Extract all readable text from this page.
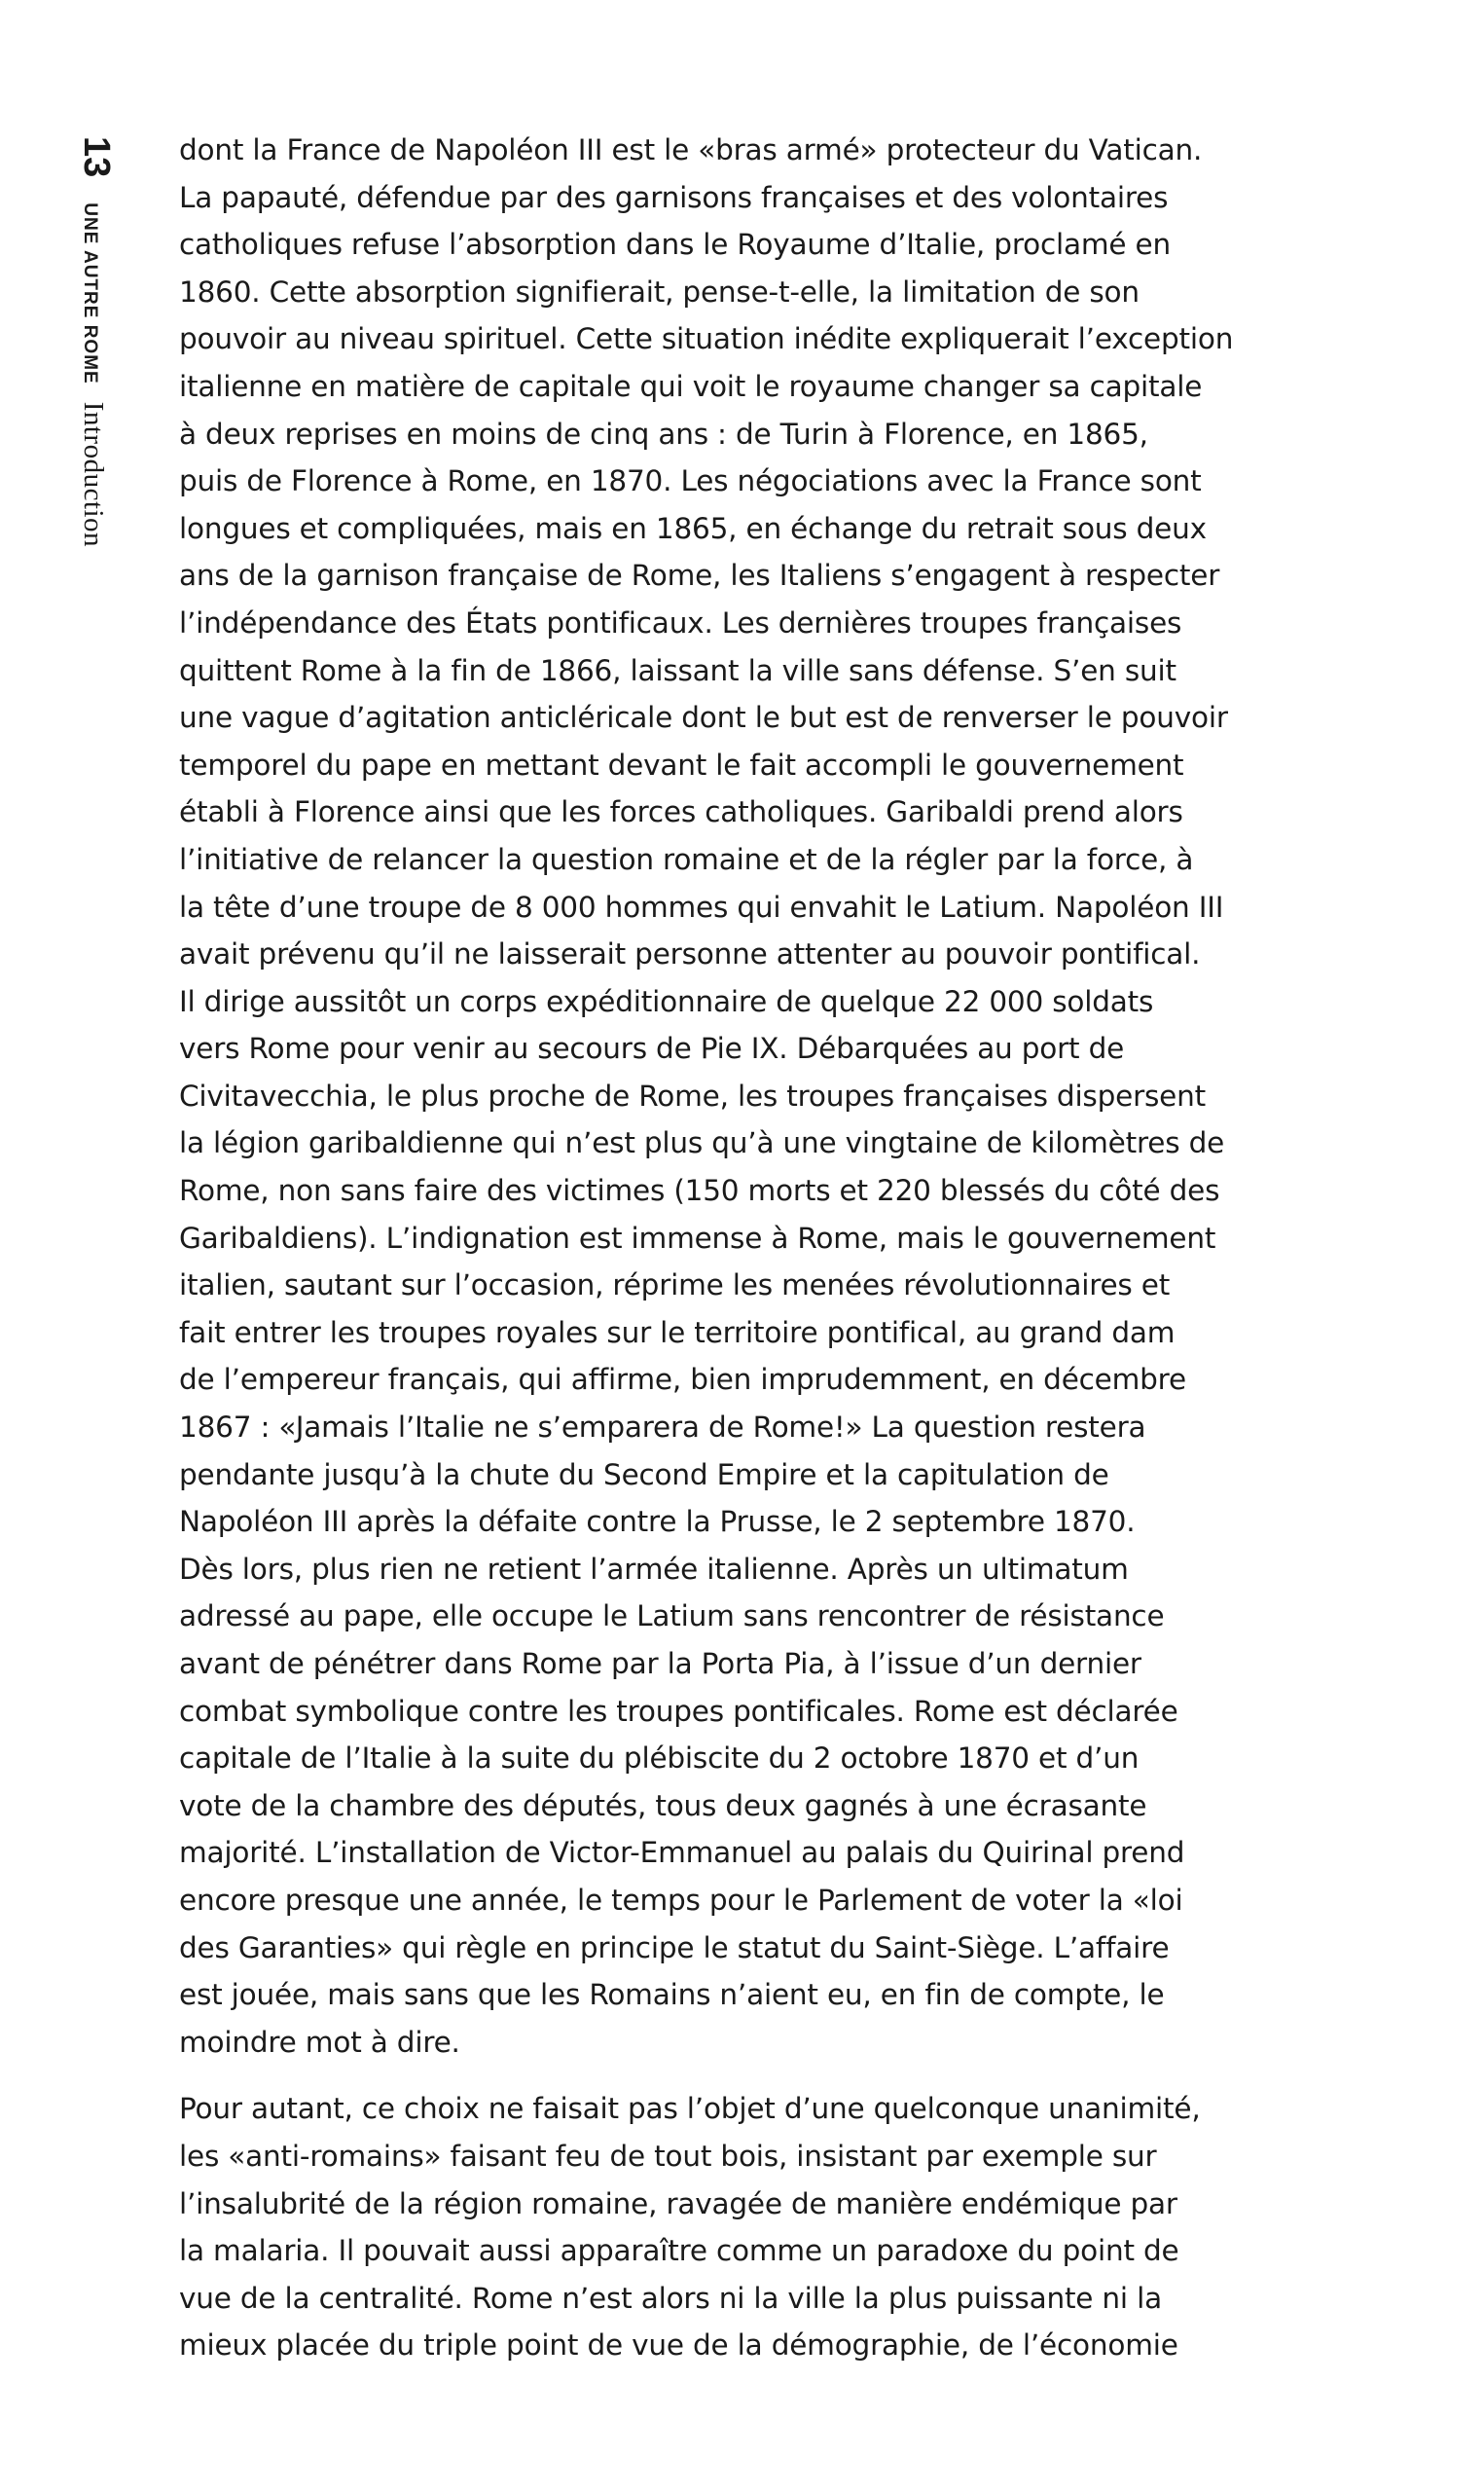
13
UNE AUTRE ROME
Introduction

dont la France de Napoléon III est le «bras armé» protecteur du Vatican.
La papauté, défendue par des garnisons françaises et des volontaires
catholiques refuse l’absorption dans le Royaume d’Italie, proclamé en
1860. Cette absorption signifierait, pense-t-elle, la limitation de son
pouvoir au niveau spirituel. Cette situation inédite expliquerait l’exception
italienne en matière de capitale qui voit le royaume changer sa capitale
à deux reprises en moins de cinq ans : de Turin à Florence, en 1865,
puis de Florence à Rome, en 1870. Les négociations avec la France sont
longues et compliquées, mais en 1865, en échange du retrait sous deux
ans de la garnison française de Rome, les Italiens s’engagent à respecter
l’indépendance des États pontificaux. Les dernières troupes françaises
quittent Rome à la fin de 1866, laissant la ville sans défense. S’en suit
une vague d’agitation anticléricale dont le but est de renverser le pouvoir
temporel du pape en mettant devant le fait accompli le gouvernement
établi à Florence ainsi que les forces catholiques. Garibaldi prend alors
l’initiative de relancer la question romaine et de la régler par la force, à
la tête d’une troupe de 8 000 hommes qui envahit le Latium. Napoléon III
avait prévenu qu’il ne laisserait personne attenter au pouvoir pontifical.
Il dirige aussitôt un corps expéditionnaire de quelque 22 000 soldats
vers Rome pour venir au secours de Pie IX. Débarquées au port de
Civitavecchia, le plus proche de Rome, les troupes françaises dispersent
la légion garibaldienne qui n’est plus qu’à une vingtaine de kilomètres de
Rome, non sans faire des victimes (150 morts et 220 blessés du côté des
Garibaldiens). L’indignation est immense à Rome, mais le gouvernement
italien, sautant sur l’occasion, réprime les menées révolutionnaires et
fait entrer les troupes royales sur le territoire pontifical, au grand dam
de l’empereur français, qui affirme, bien imprudemment, en décembre
1867 : «Jamais l’Italie ne s’emparera de Rome!» La question restera
pendante jusqu’à la chute du Second Empire et la capitulation de
Napoléon III après la défaite contre la Prusse, le 2 septembre 1870.
Dès lors, plus rien ne retient l’armée italienne. Après un ultimatum
adressé au pape, elle occupe le Latium sans rencontrer de résistance
avant de pénétrer dans Rome par la Porta Pia, à l’issue d’un dernier
combat symbolique contre les troupes pontificales. Rome est déclarée
capitale de l’Italie à la suite du plébiscite du 2 octobre 1870 et d’un
vote de la chambre des députés, tous deux gagnés à une écrasante
majorité. L’installation de Victor-Emmanuel au palais du Quirinal prend
encore presque une année, le temps pour le Parlement de voter la «loi
des Garanties» qui règle en principe le statut du Saint-Siège. L’affaire
est jouée, mais sans que les Romains n’aient eu, en fin de compte, le
moindre mot à dire.

Pour autant, ce choix ne faisait pas l’objet d’une quelconque unanimité,
les «anti-romains» faisant feu de tout bois, insistant par exemple sur
l’insalubrité de la région romaine, ravagée de manière endémique par
la malaria. Il pouvait aussi apparaître comme un paradoxe du point de
vue de la centralité. Rome n’est alors ni la ville la plus puissante ni la
mieux placée du triple point de vue de la démographie, de l’économie
